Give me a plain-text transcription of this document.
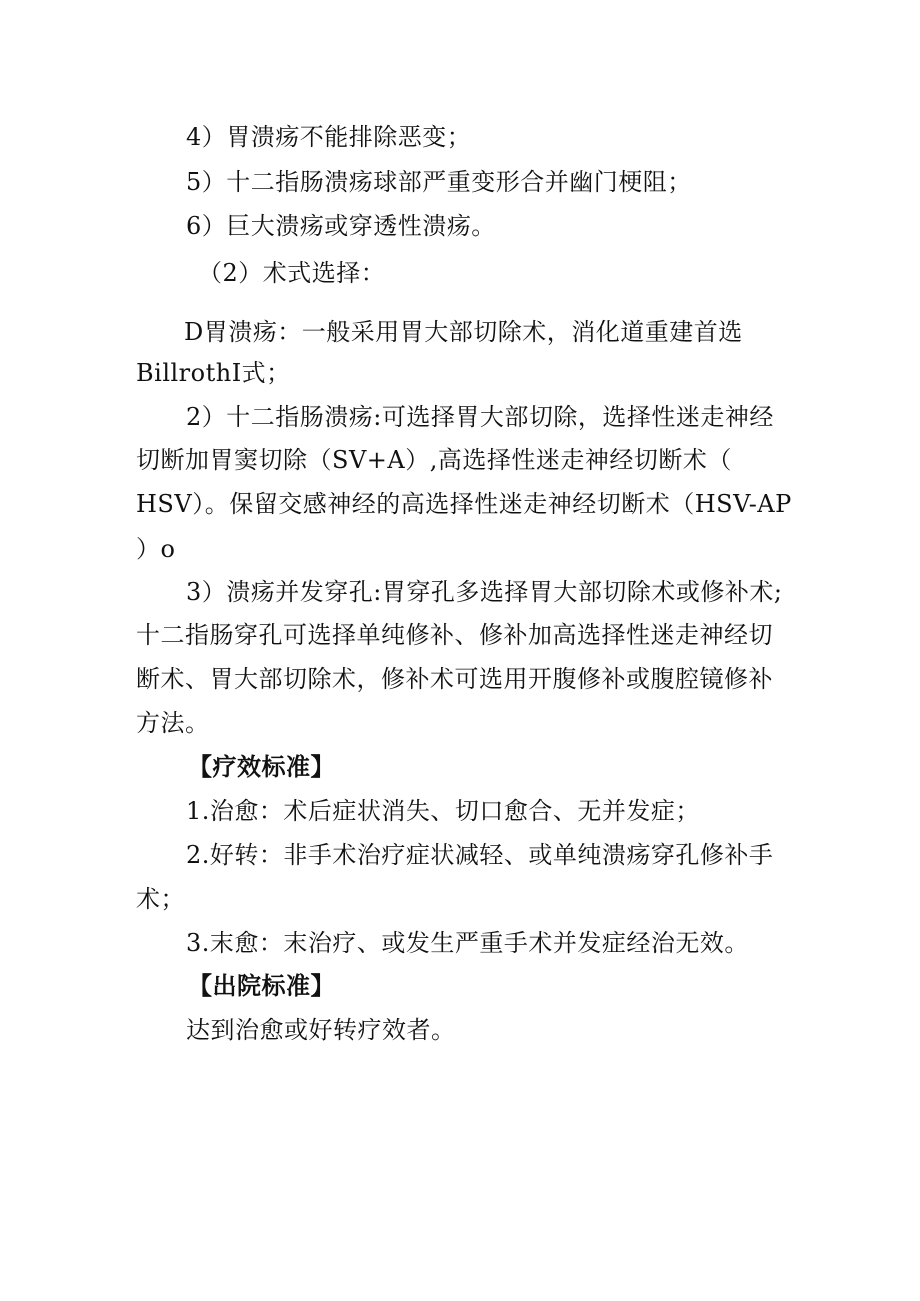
4）胃溃疡不能排除恶变；
5）十二指肠溃疡球部严重变形合并幽门梗阻；
6）巨大溃疡或穿透性溃疡。
（2）术式选择：
D胃溃疡：一般采用胃大部切除术，消化道重建首选
BillrothI式；
2）十二指肠溃疡:可选择胃大部切除，选择性迷走神经
切断加胃窦切除（SV+A）,高选择性迷走神经切断术（
HSV）。保留交感神经的高选择性迷走神经切断术（HSV-AP
）o
3）溃疡并发穿孔:胃穿孔多选择胃大部切除术或修补术;
十二指肠穿孔可选择单纯修补、修补加高选择性迷走神经切
断术、胃大部切除术，修补术可选用开腹修补或腹腔镜修补
方法。
【疗效标准】
1.治愈：术后症状消失、切口愈合、无并发症；
2.好转：非手术治疗症状减轻、或单纯溃疡穿孔修补手
术；
3.末愈：末治疗、或发生严重手术并发症经治无效。
【出院标准】
达到治愈或好转疗效者。
